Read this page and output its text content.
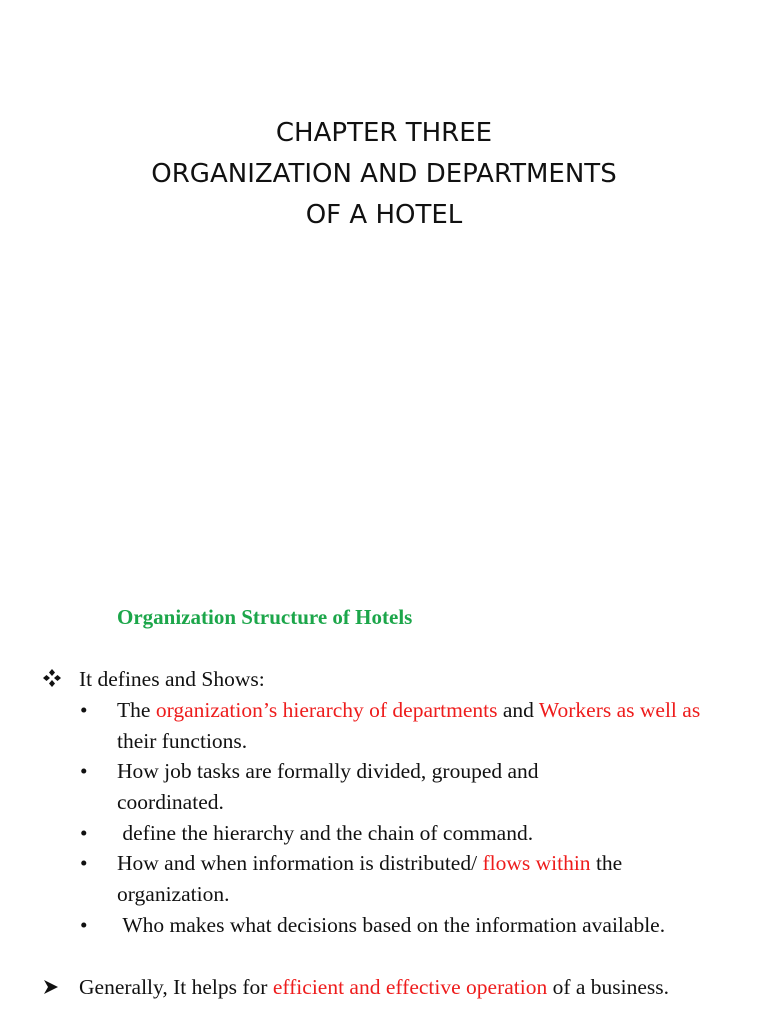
CHAPTER THREE
ORGANIZATION AND DEPARTMENTS
OF A HOTEL
Organization Structure of Hotels
It defines and Shows:
•	The organization’s hierarchy of departments and Workers as well as their functions.
•	How job tasks are formally divided, grouped and coordinated.
•	define the hierarchy and the chain of command.
•	How and when information is distributed/ flows within the organization.
•	Who makes what decisions based on the information available.
Generally, It helps for efficient and effective operation of a business.
